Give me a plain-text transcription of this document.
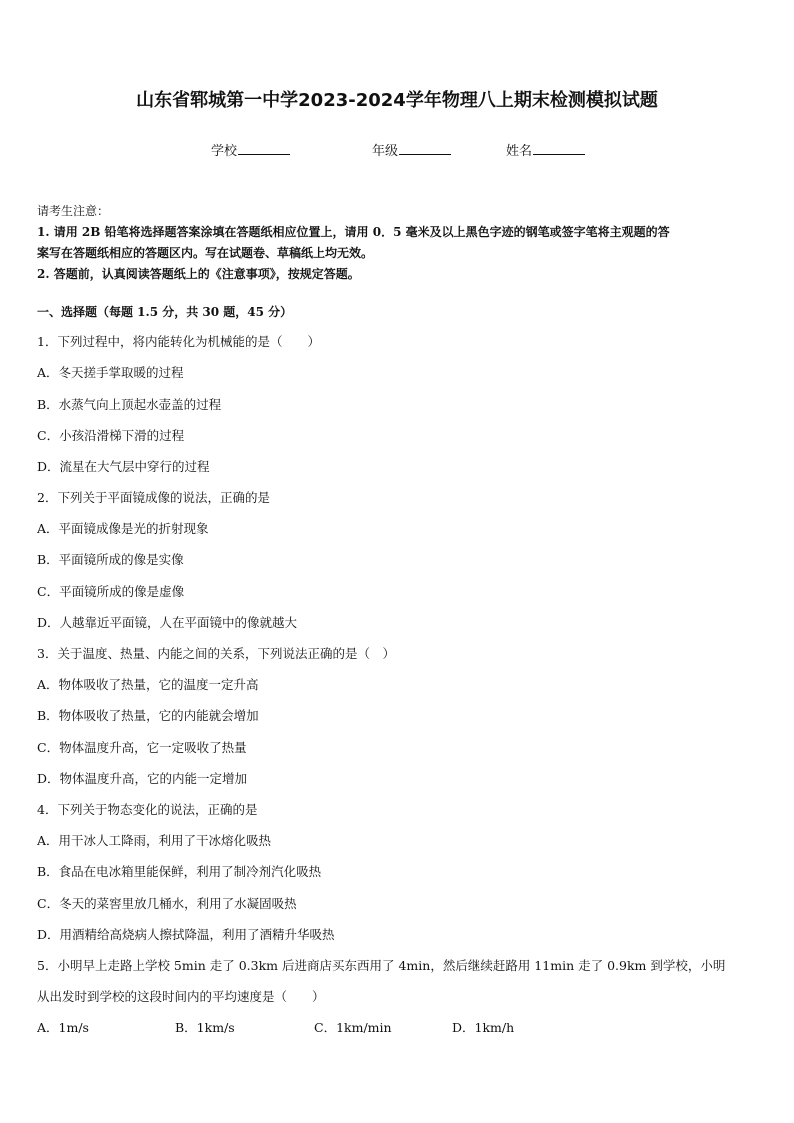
山东省郓城第一中学2023-2024学年物理八上期末检测模拟试题
学校	年级	姓名
请考生注意：
1. 请用 2B 铅笔将选择题答案涂填在答题纸相应位置上，请用 0．5 毫米及以上黑色字迹的钢笔或签字笔将主观题的答
案写在答题纸相应的答题区内。写在试题卷、草稿纸上均无效。
2. 答题前，认真阅读答题纸上的《注意事项》，按规定答题。
一、选择题（每题 1.5 分，共 30 题，45 分）
1．下列过程中，将内能转化为机械能的是（　　）
A．冬天搓手掌取暖的过程
B．水蒸气向上顶起水壶盖的过程
C．小孩沿滑梯下滑的过程
D．流星在大气层中穿行的过程
2．下列关于平面镜成像的说法，正确的是
A．平面镜成像是光的折射现象
B．平面镜所成的像是实像
C．平面镜所成的像是虚像
D．人越靠近平面镜，人在平面镜中的像就越大
3．关于温度、热量、内能之间的关系，下列说法正确的是（　）
A．物体吸收了热量，它的温度一定升高
B．物体吸收了热量，它的内能就会增加
C．物体温度升高，它一定吸收了热量
D．物体温度升高，它的内能一定增加
4．下列关于物态变化的说法，正确的是
A．用干冰人工降雨，利用了干冰熔化吸热
B．食品在电冰箱里能保鲜，利用了制冷剂汽化吸热
C．冬天的菜窖里放几桶水，利用了水凝固吸热
D．用酒精给高烧病人擦拭降温，利用了酒精升华吸热
5．小明早上走路上学校 5min 走了 0.3km 后进商店买东西用了 4min，然后继续赶路用 11min 走了 0.9km 到学校，小明
从出发时到学校的这段时间内的平均速度是（　　）
A．1m/s	B．1km/s	C．1km/min	D．1km/h
